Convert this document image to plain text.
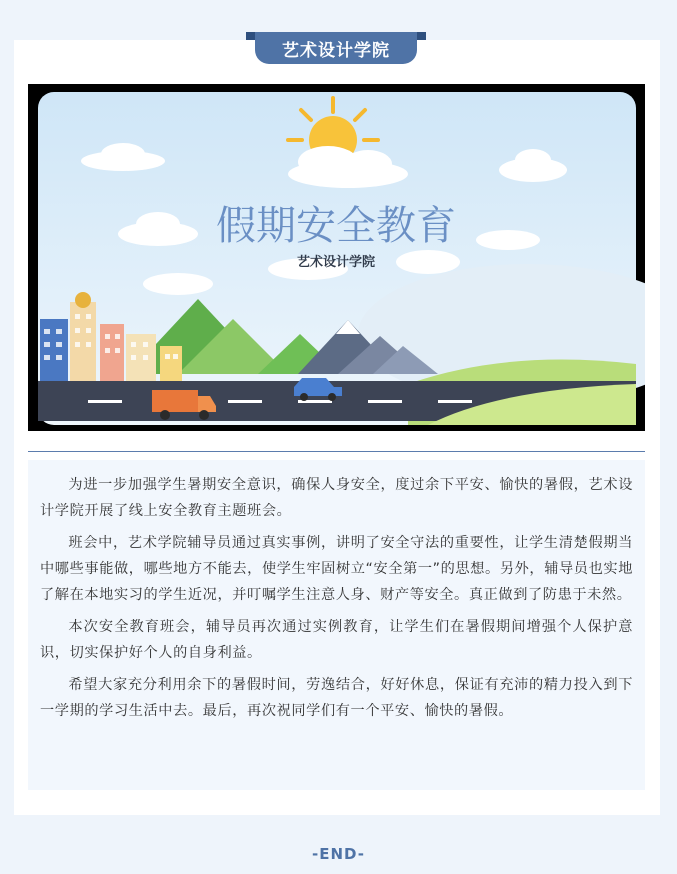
艺术设计学院
假期安全教育
艺术设计学院

为进一步加强学生暑期安全意识，确保人身安全，度过余下平安、愉快的暑假，艺术设计学院开展了线上安全教育主题班会。

班会中，艺术学院辅导员通过真实事例，讲明了安全守法的重要性，让学生清楚假期当中哪些事能做，哪些地方不能去，使学生牢固树立“安全第一”的思想。另外，辅导员也实地了解在本地实习的学生近况，并叮嘱学生注意人身、财产等安全。真正做到了防患于未然。

本次安全教育班会，辅导员再次通过实例教育，让学生们在暑假期间增强个人保护意识，切实保护好个人的自身利益。

希望大家充分利用余下的暑假时间，劳逸结合，好好休息，保证有充沛的精力投入到下一学期的学习生活中去。最后，再次祝同学们有一个平安、愉快的暑假。

-END-
